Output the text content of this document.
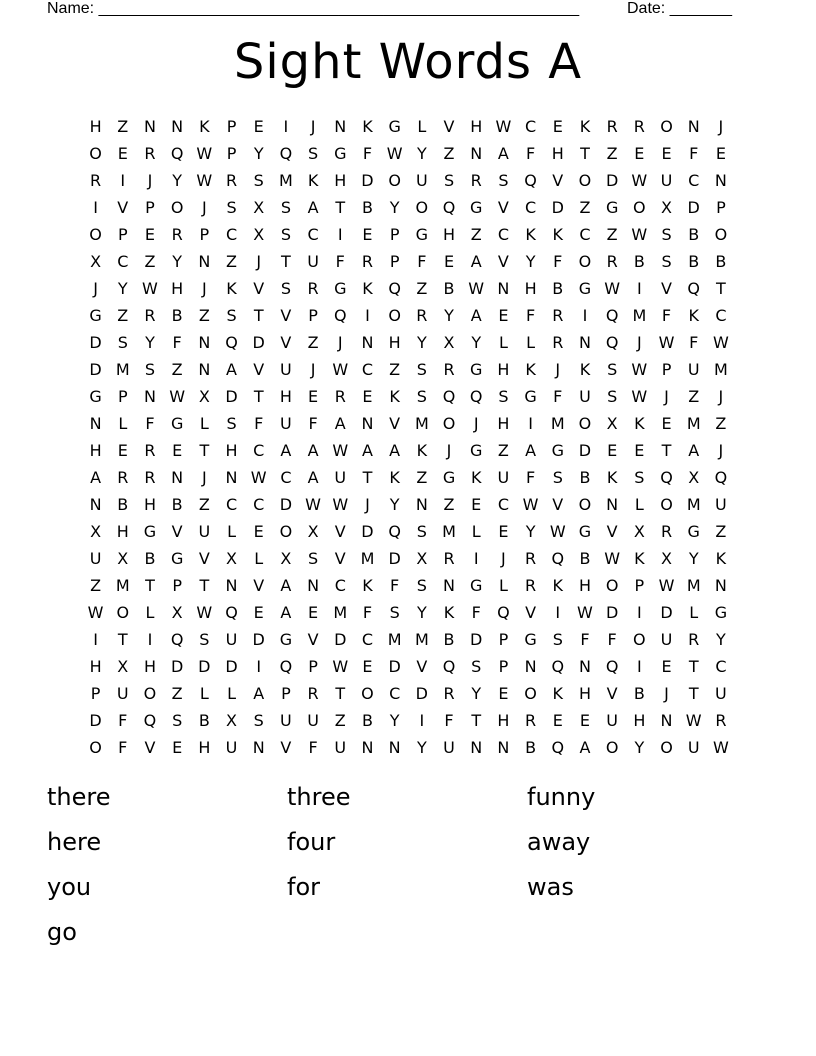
Name: ______________________________________________________	Date: _______
Sight Words A
H Z N N K	P	E	I	J	N K G	L	V H W C	E	K	R	R O N	J
O E	R Q W P	Y	Q S G	F W Y	Z N A	F	H	T	Z	E	E	F	E
R	I	J	Y W R	S M K H D O U	S	R	S Q V O D W U C N
I	V	P	O	J	S	X	S	A	T	B	Y	O Q G V	C D Z G O X D	P
O	P	E	R	P	C	X	S	C	I	E	P	G H Z	C	K	K	C	Z W S	B O
X	C	Z	Y	N Z	J	T	U	F	R	P	F	E	A	V	Y	F	O R	B	S	B	B
J	Y W H	J	K	V	S	R G K Q Z	B W N H B G W	I	V Q	T
G Z	R	B	Z	S	T	V	P	Q	I	O R	Y	A	E	F	R	I	Q M F	K	C
D S	Y	F	N Q D V	Z	J	N H	Y	X	Y	L	L	R N Q	J	W F W
D M S	Z N A	V U	J	W C	Z	S	R G H K	J	K	S W P	U M
G	P	N W X D	T	H	E	R	E	K	S Q Q S G	F	U	S W	J	Z	J
N	L	F	G	L	S	F	U	F	A N V M O	J	H	I	M O X	K	E M Z
H	E	R	E	T	H C	A	A W A	A	K	J	G Z	A G D E	E	T	A	J
A	R	R N	J	N W C	A U	T	K	Z G K	U	F	S	B	K	S Q X Q
N B H B	Z	C	C D W W	J	Y	N Z	E	C W V O N	L	O M U
X H G V U	L	E O X	V D Q S M L	E	Y W G V	X	R G Z
U X	B G V	X	L	X	S	V M D X	R	I	J	R Q B W K	X	Y	K
Z M T	P	T	N V	A N C	K	F	S	N G	L	R	K H O	P W M N
W O	L	X W Q E	A	E M F	S	Y	K	F	Q V	I	W D	I	D	L	G
I	T	I	Q S	U D G V D C M M B D	P	G S	F	F	O U R	Y
H X H D D D	I	Q	P W E D V Q S	P	N Q N Q	I	E	T	C
P	U O Z	L	L	A	P	R	T	O C D R	Y	E O K H V	B	J	T	U
D	F	Q S	B	X	S	U U Z	B	Y	I	F	T	H R	E	E	U H N W R
O	F	V	E	H U N V	F	U N N	Y	U N N B Q A O	Y	O U W
there	three	funny
here	four	away
you	for	was
go
